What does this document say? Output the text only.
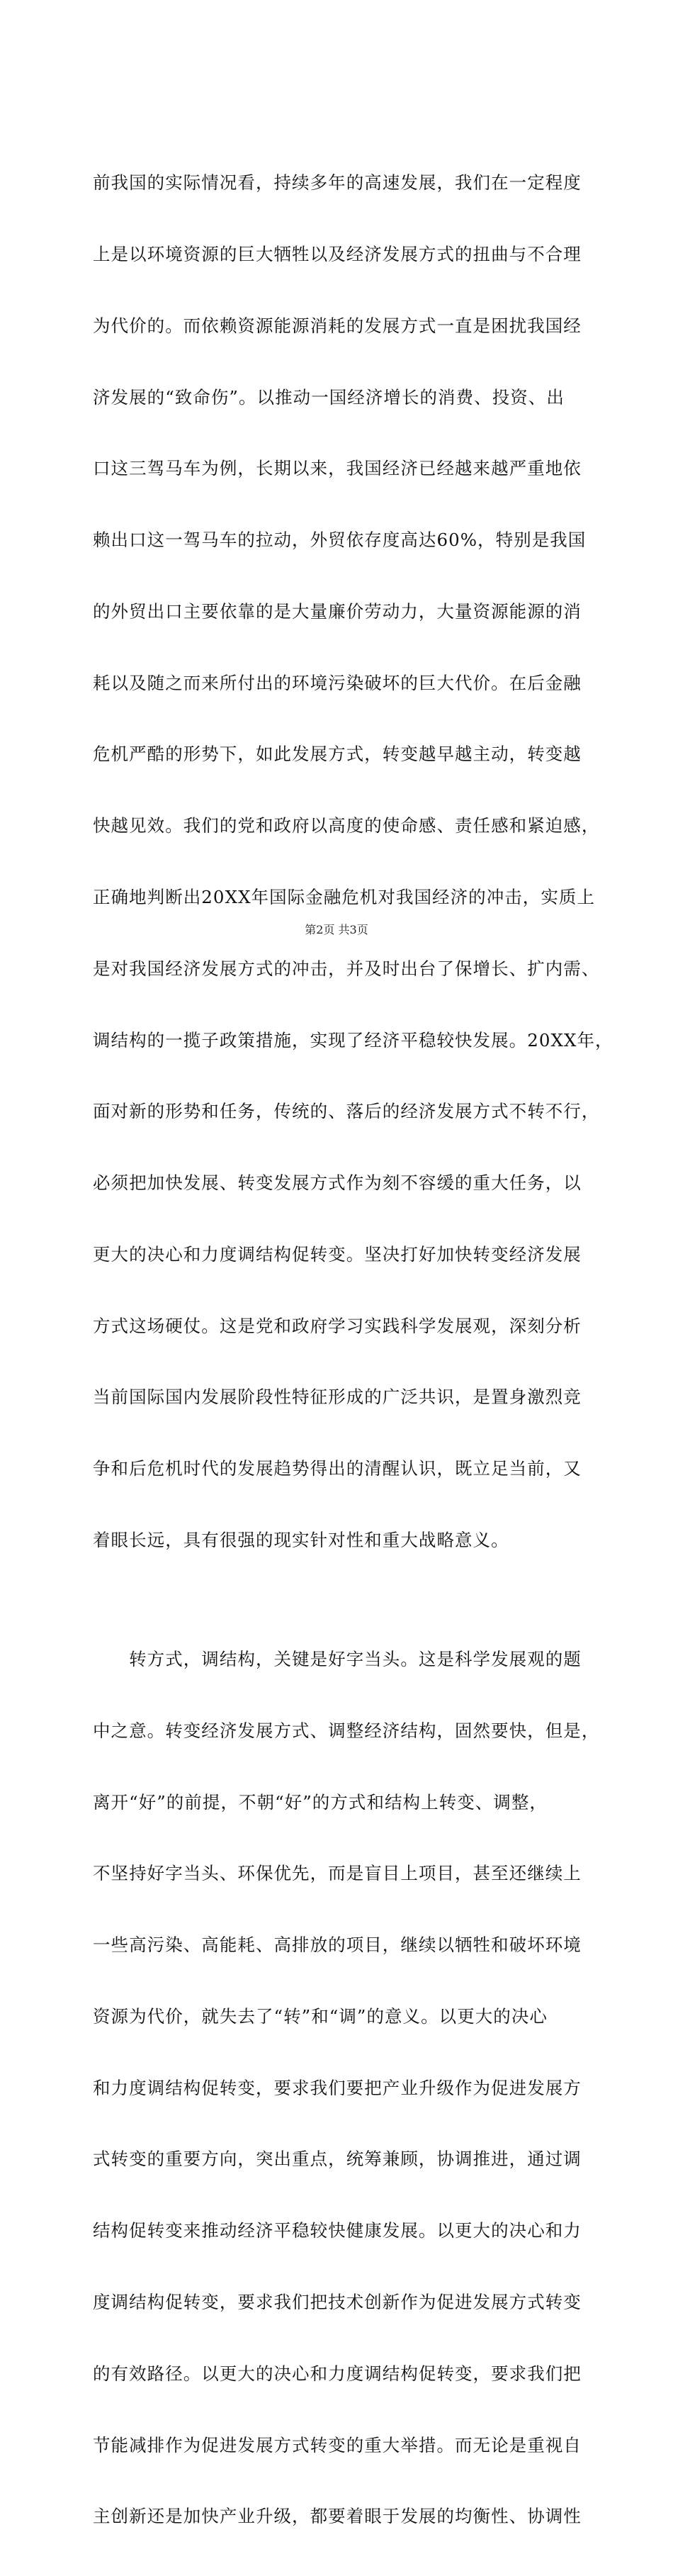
前我国的实际情况看，持续多年的高速发展，我们在一定程度

上是以环境资源的巨大牺牲以及经济发展方式的扭曲与不合理

为代价的。而依赖资源能源消耗的发展方式一直是困扰我国经

济发展的“致命伤”。以推动一国经济增长的消费、投资、出

口这三驾马车为例，长期以来，我国经济已经越来越严重地依

赖出口这一驾马车的拉动，外贸依存度高达60%，特别是我国

的外贸出口主要依靠的是大量廉价劳动力，大量资源能源的消

耗以及随之而来所付出的环境污染破坏的巨大代价。在后金融

危机严酷的形势下，如此发展方式，转变越早越主动，转变越

快越见效。我们的党和政府以高度的使命感、责任感和紧迫感，

正确地判断出20XX年国际金融危机对我国经济的冲击，实质上

是对我国经济发展方式的冲击，并及时出台了保增长、扩内需、

调结构的一揽子政策措施，实现了经济平稳较快发展。20XX年，

面对新的形势和任务，传统的、落后的经济发展方式不转不行，

必须把加快发展、转变发展方式作为刻不容缓的重大任务，以

更大的决心和力度调结构促转变。坚决打好加快转变经济发展

方式这场硬仗。这是党和政府学习实践科学发展观，深刻分析

当前国际国内发展阶段性特征形成的广泛共识，是置身激烈竞

争和后危机时代的发展趋势得出的清醒认识，既立足当前，又

着眼长远，具有很强的现实针对性和重大战略意义。

　　转方式，调结构，关键是好字当头。这是科学发展观的题

中之意。转变经济发展方式、调整经济结构，固然要快，但是，

离开“好”的前提，不朝“好”的方式和结构上转变、调整，

不坚持好字当头、环保优先，而是盲目上项目，甚至还继续上

一些高污染、高能耗、高排放的项目，继续以牺牲和破坏环境

资源为代价，就失去了“转”和“调”的意义。以更大的决心

和力度调结构促转变，要求我们要把产业升级作为促进发展方

式转变的重要方向，突出重点，统筹兼顾，协调推进，通过调

结构促转变来推动经济平稳较快健康发展。以更大的决心和力

度调结构促转变，要求我们把技术创新作为促进发展方式转变

的有效路径。以更大的决心和力度调结构促转变，要求我们把

节能减排作为促进发展方式转变的重大举措。而无论是重视自

主创新还是加快产业升级，都要着眼于发展的均衡性、协调性

第2页 共3页
